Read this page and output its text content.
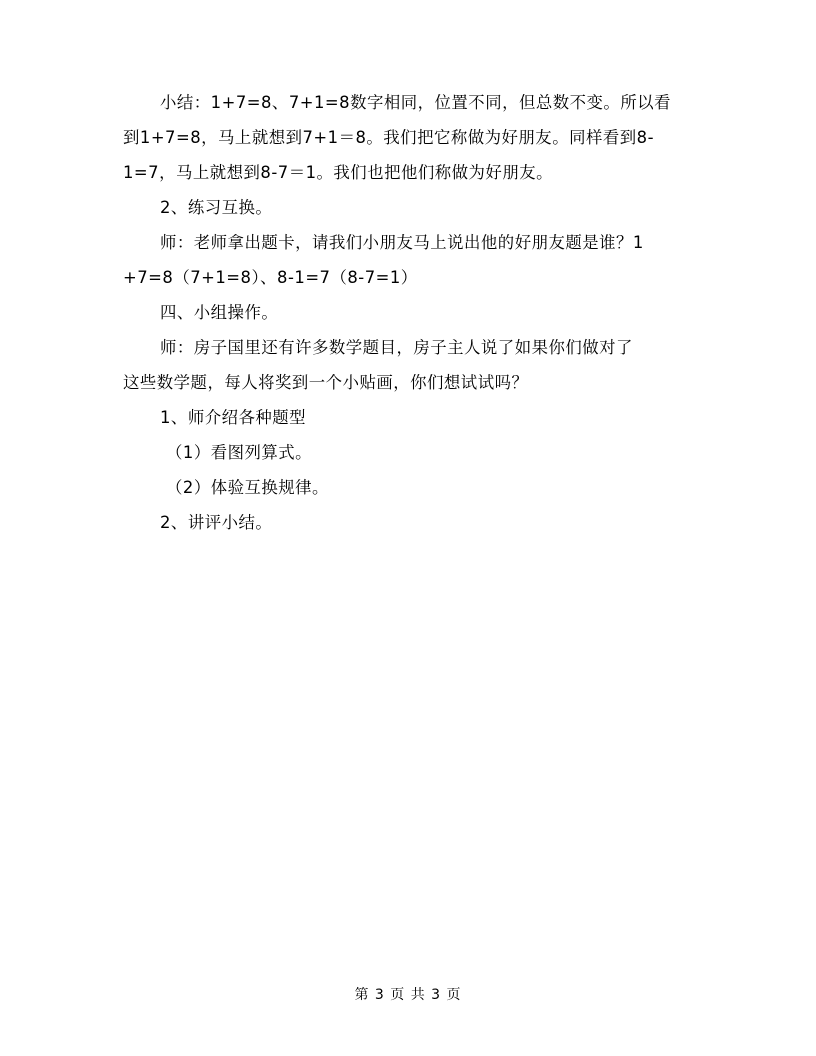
小结：1+7=8、7+1=8数字相同，位置不同，但总数不变。所以看
到1+7=8，马上就想到7+1＝8。我们把它称做为好朋友。同样看到8-
1=7，马上就想到8-7＝1。我们也把他们称做为好朋友。
2、练习互换。
师：老师拿出题卡，请我们小朋友马上说出他的好朋友题是谁？1
+7=8（7+1=8）、8-1=7（8-7=1）
四、小组操作。
师：房子国里还有许多数学题目，房子主人说了如果你们做对了
这些数学题，每人将奖到一个小贴画，你们想试试吗？
1、师介绍各种题型
（1）看图列算式。
（2）体验互换规律。
2、讲评小结。
第 3 页 共 3 页
